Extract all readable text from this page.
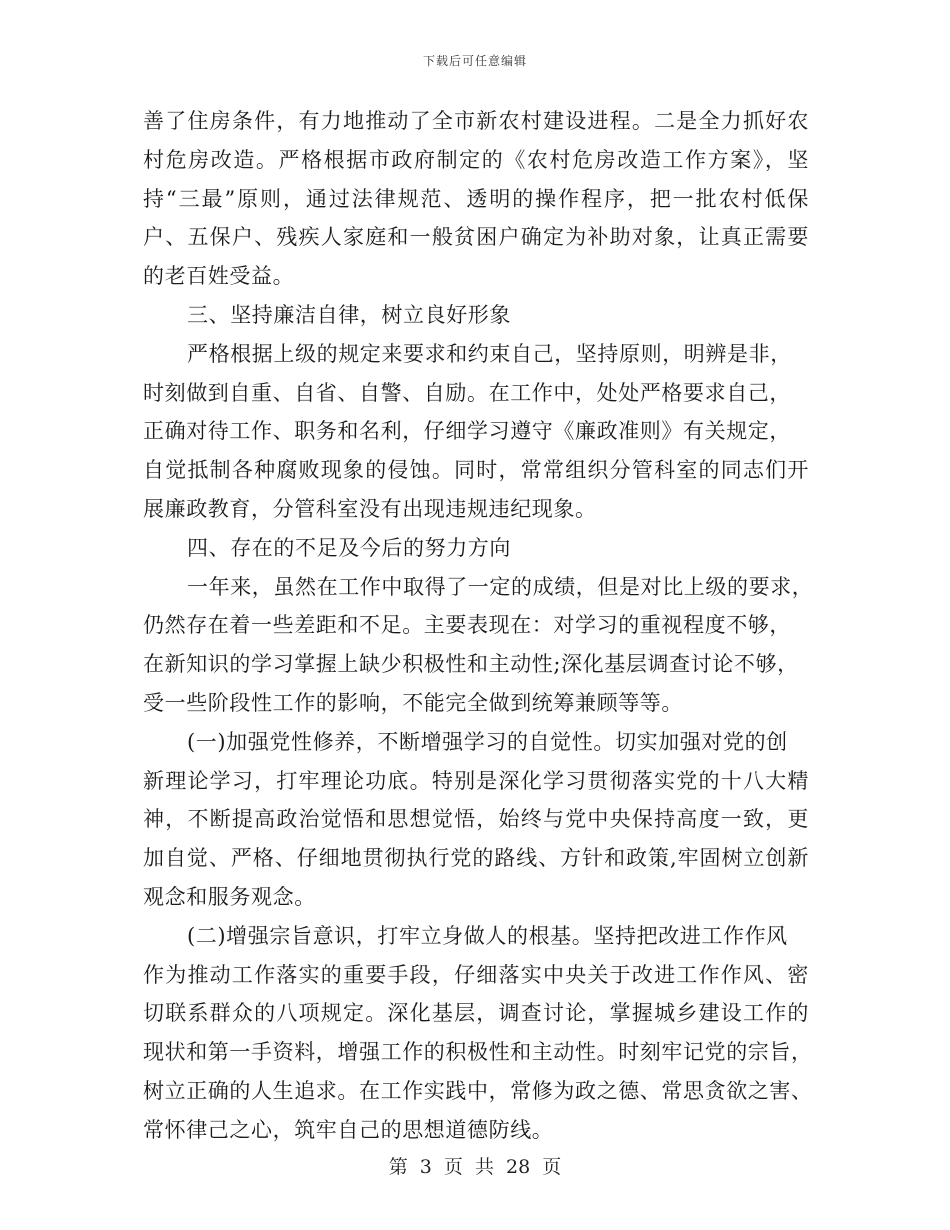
下载后可任意编辑
善了住房条件，有力地推动了全市新农村建设进程。二是全力抓好农
村危房改造。严格根据市政府制定的《农村危房改造工作方案》，坚
持“三最”原则，通过法律规范、透明的操作程序，把一批农村低保
户、五保户、残疾人家庭和一般贫困户确定为补助对象，让真正需要
的老百姓受益。
三、坚持廉洁自律，树立良好形象
严格根据上级的规定来要求和约束自己，坚持原则，明辨是非，
时刻做到自重、自省、自警、自励。在工作中，处处严格要求自己，
正确对待工作、职务和名利，仔细学习遵守《廉政准则》有关规定，
自觉抵制各种腐败现象的侵蚀。同时，常常组织分管科室的同志们开
展廉政教育，分管科室没有出现违规违纪现象。
四、存在的不足及今后的努力方向
一年来，虽然在工作中取得了一定的成绩，但是对比上级的要求，
仍然存在着一些差距和不足。主要表现在：对学习的重视程度不够，
在新知识的学习掌握上缺少积极性和主动性;深化基层调查讨论不够，
受一些阶段性工作的影响，不能完全做到统筹兼顾等等。
(一)加强党性修养，不断增强学习的自觉性。切实加强对党的创
新理论学习，打牢理论功底。特别是深化学习贯彻落实党的十八大精
神，不断提高政治觉悟和思想觉悟，始终与党中央保持高度一致，更
加自觉、严格、仔细地贯彻执行党的路线、方针和政策,牢固树立创新
观念和服务观念。
(二)增强宗旨意识，打牢立身做人的根基。坚持把改进工作作风
作为推动工作落实的重要手段，仔细落实中央关于改进工作作风、密
切联系群众的八项规定。深化基层，调查讨论，掌握城乡建设工作的
现状和第一手资料，增强工作的积极性和主动性。时刻牢记党的宗旨，
树立正确的人生追求。在工作实践中，常修为政之德、常思贪欲之害、
常怀律己之心，筑牢自己的思想道德防线。
第 3 页 共 28 页
